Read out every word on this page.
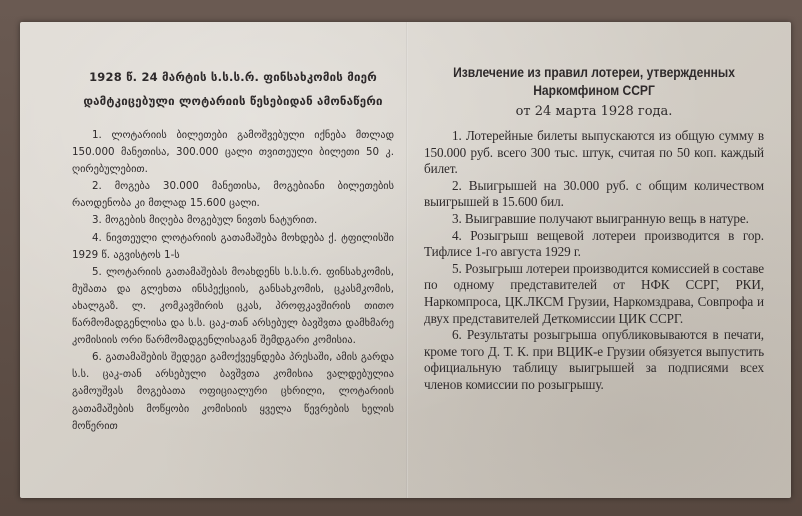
1928 წ. 24 მარტის ს.ს.ს.რ. ფინსახკომის მიერ
დამტკიცებული ლოტარიის წესებიდან ამონაწერი

1. ლოტარიის ბილეთები გამოშვებული იქნება მთლად 150.000 მანეთისა, 300.000 ცალი თვითეული ბილეთი 50 კ. ღირებულებით.

2. მოგება 30.000 მანეთისა, მოგებიანი ბილეთების რაოდენობა კი მთლად 15.600 ცალი.

3. მოგების მიღება მოგებულ ნივთს ნატურით.

4. ნივთეული ლოტარიის გათამაშება მოხდება ქ. ტფილისში 1929 წ. აგვისტოს 1-ს

5. ლოტარიის გათამაშებას მოახდენს ს.ს.ს.რ. ფინსახკომის, მუშათა და გლეხთა ინსპექციის, განსახკომის, ცკასმკომის, ახალგაზ. ლ. კომკავშირის ცკას, პროფკავშირის თითო წარმომადგენლისა და ს.ს. ცაკ-თან არსებულ ბავშვთა დამხმარე კომისიის ორი წარმომადგენლისაგან შემდგარი კომისია.

6. გათამაშების შედეგი გამოქვეყნდება პრესაში, ამის გარდა ს.ს. ცაკ-თან არსებული ბავშვთა კომისია ვალდებულია გამოუშვას მოგებათა ოფიციალური ცხრილი, ლოტარიის გათამაშების მოწყობი კომისიის ყველა წევრების ხელის მოწერით

Извлечение из правил лотереи, утвержденных Наркомфином ССРГ
от 24 марта 1928 года.

1. Лотерейные билеты выпускаются из общую сумму в 150.000 руб. всего 300 тыс. штук, считая по 50 коп. каждый билет.

2. Выигрышей на 30.000 руб. с общим количеством выигрышей в 15.600 бил.

3. Выигравшие получают выигранную вещь в натуре.

4. Розыгрыш вещевой лотереи производится в гор. Тифлисе 1-го августа 1929 г.

5. Розыгрыш лотереи производится комиссией в составе по одному представителей от НФК ССРГ, РКИ, Наркомпроса, ЦК.ЛКСМ Грузии, Наркомздрава, Совпрофа и двух представителей Деткомиссии ЦИК ССРГ.

6. Результаты розыгрыша опубликовываются в печати, кроме того Д. Т. К. при ВЦИК-е Грузии обязуется выпустить официальную таблицу выигрышей за подписями всех членов комиссии по розыгрышу.
